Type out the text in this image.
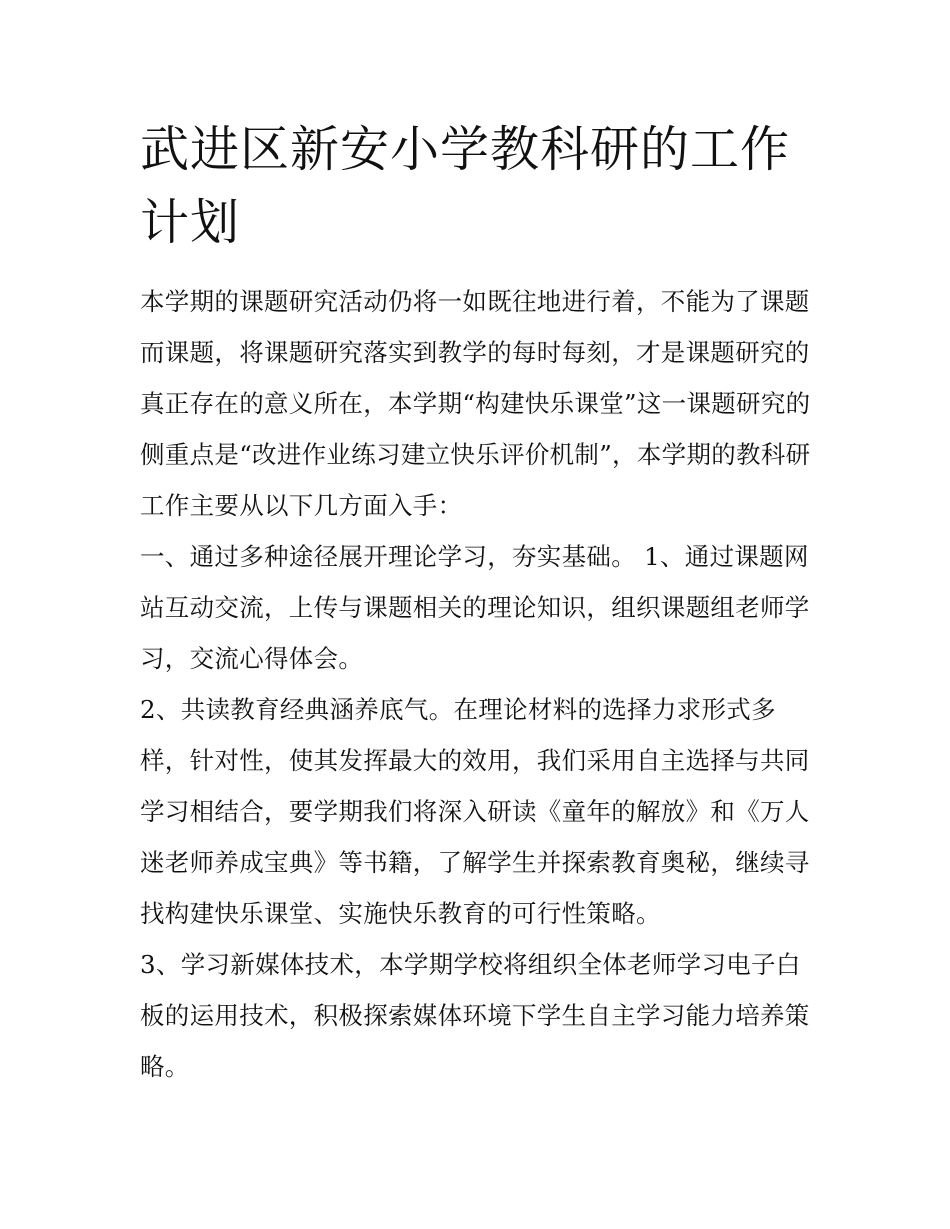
武进区新安小学教科研的工作
计划
本学期的课题研究活动仍将一如既往地进行着，不能为了课题
而课题，将课题研究落实到教学的每时每刻，才是课题研究的
真正存在的意义所在，本学期“构建快乐课堂”这一课题研究的
侧重点是“改进作业练习建立快乐评价机制”，本学期的教科研
工作主要从以下几方面入手：
一、通过多种途径展开理论学习，夯实基础。 1、通过课题网
站互动交流，上传与课题相关的理论知识，组织课题组老师学
习，交流心得体会。
2、共读教育经典涵养底气。在理论材料的选择力求形式多
样，针对性，使其发挥最大的效用，我们采用自主选择与共同
学习相结合，要学期我们将深入研读《童年的解放》和《万人
迷老师养成宝典》等书籍，了解学生并探索教育奥秘，继续寻
找构建快乐课堂、实施快乐教育的可行性策略。
3、学习新媒体技术，本学期学校将组织全体老师学习电子白
板的运用技术，积极探索媒体环境下学生自主学习能力培养策
略。
